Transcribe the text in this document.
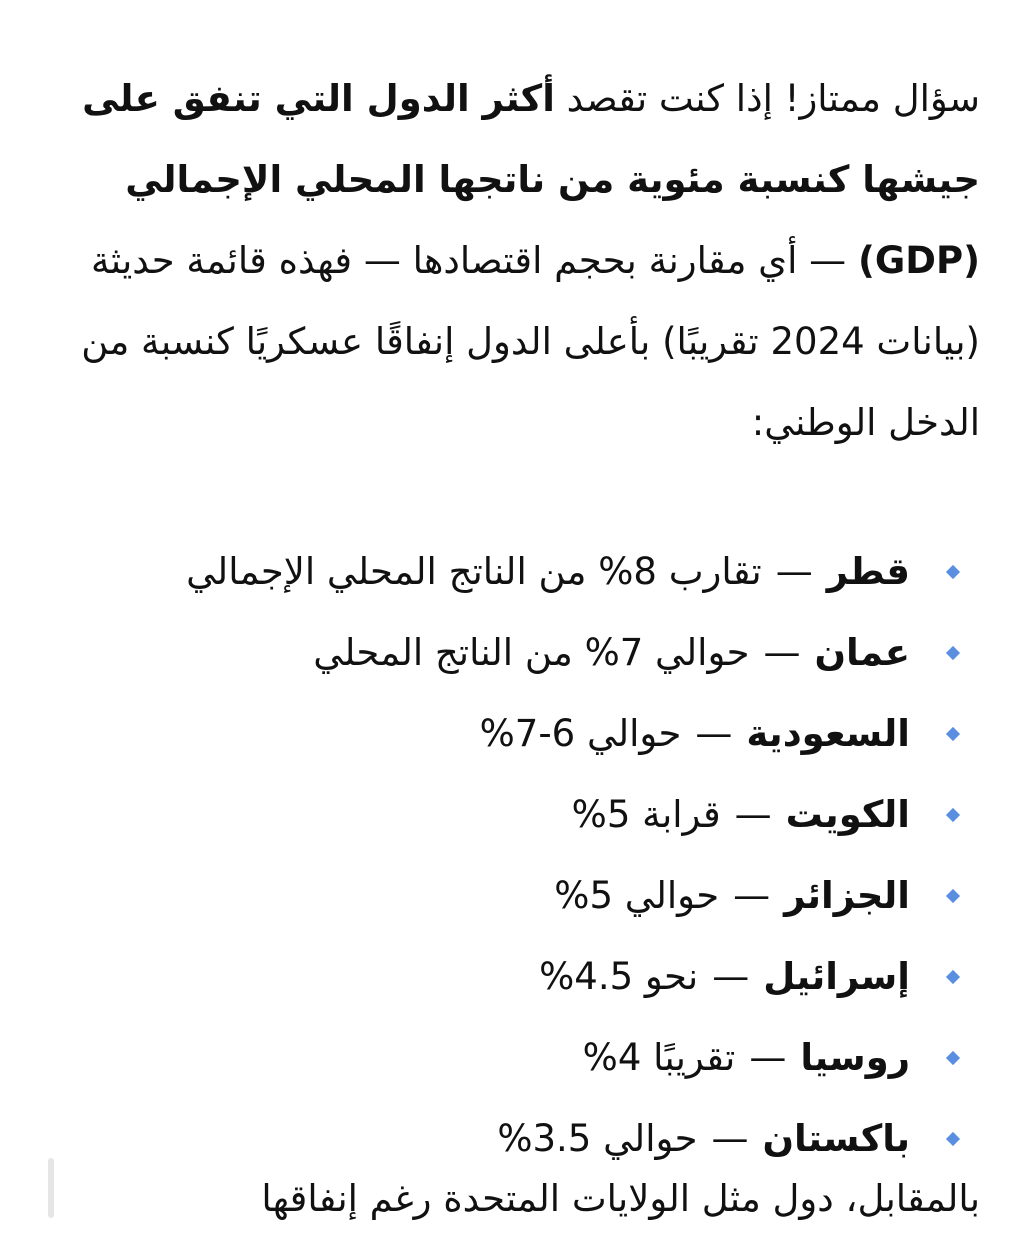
سؤال ممتاز! إذا كنت تقصد أكثر الدول التي تنفق على جيشها كنسبة مئوية من ناتجها المحلي الإجمالي (GDP) — أي مقارنة بحجم اقتصادها — فهذه قائمة حديثة (بيانات 2024 تقريبًا) بأعلى الدول إنفاقًا عسكريًا كنسبة من الدخل الوطني:

قطر
—
تقارب 8% من الناتج المحلي الإجمالي
عمان
—
حوالي 7% من الناتج المحلي
السعودية
—
حوالي 6-7%
الكويت
—
قرابة 5%
الجزائر
—
حوالي 5%
إسرائيل
—
نحو 4.5%
روسيا
—
تقريبًا 4%
باكستان
—
حوالي 3.5%
بالمقابل، دول مثل الولايات المتحدة رغم إنفاقها
